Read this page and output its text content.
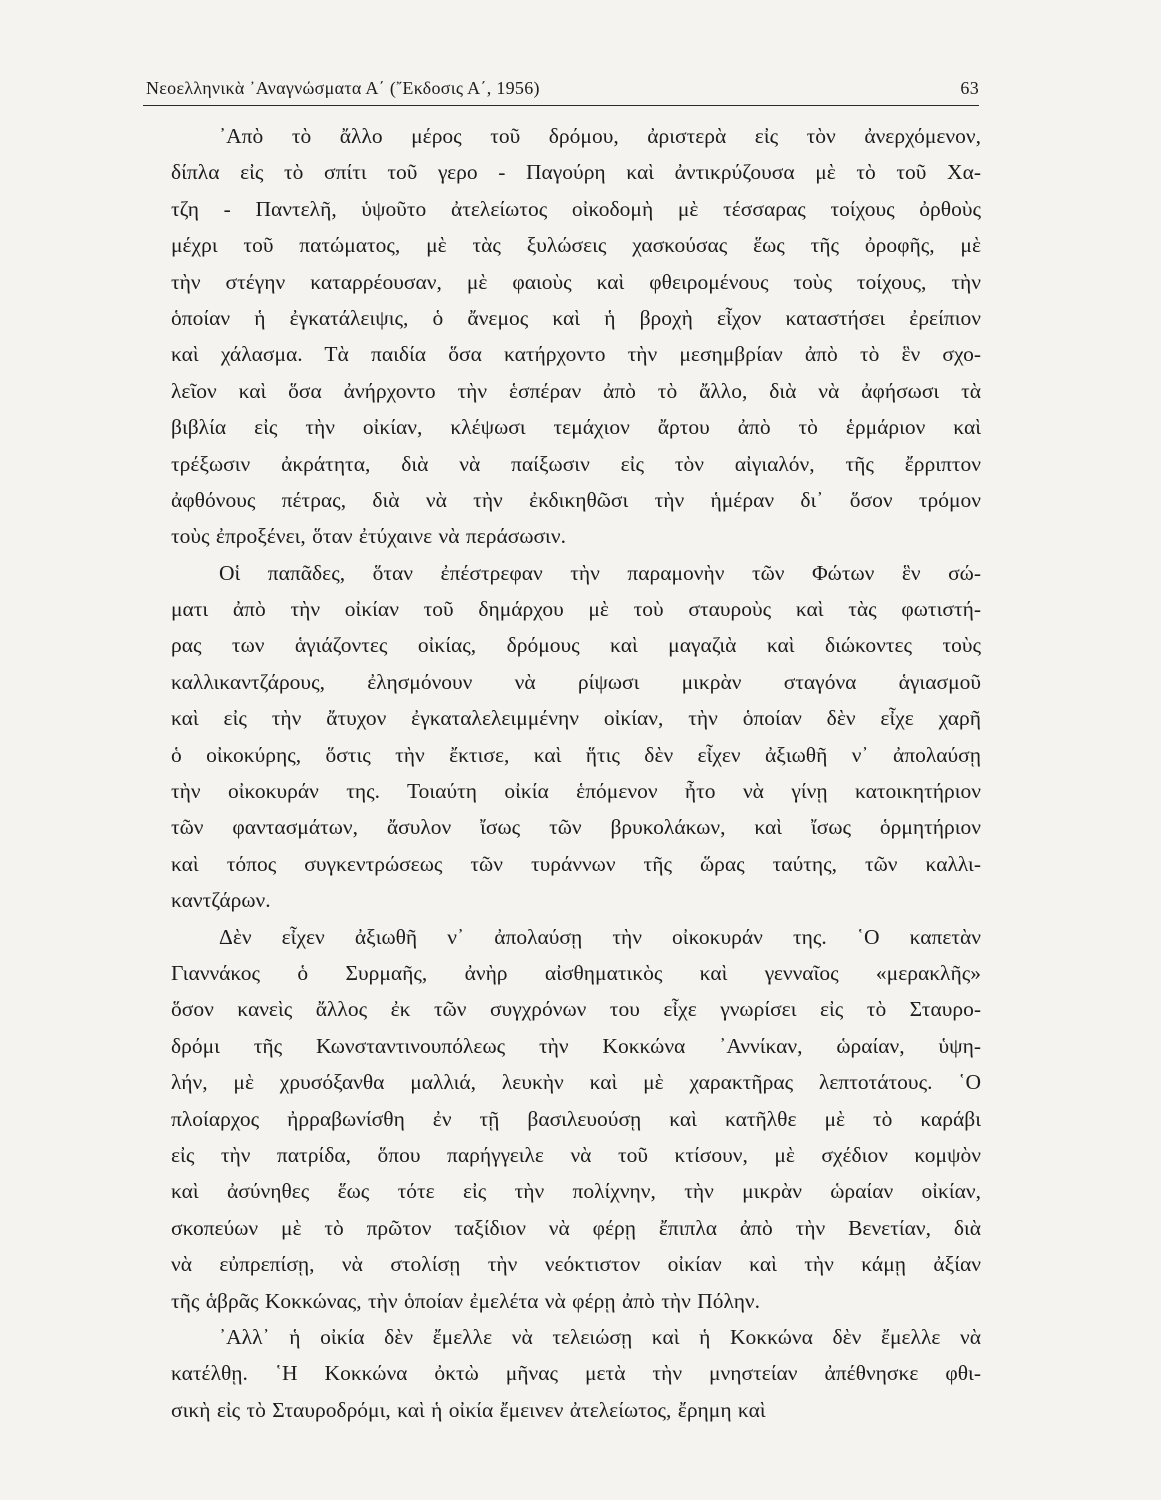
Νεοελληνικὰ ᾿Αναγνώσματα Α΄ (῎Εκδοσις Α΄, 1956)	63
᾿Απὸ τὸ ἄλλο μέρος τοῦ δρόμου, ἀριστερὰ εἰς τὸν ἀνερχόμενον,
δίπλα εἰς τὸ σπίτι τοῦ γερο - Παγούρη καὶ ἀντικρύζουσα μὲ τὸ τοῦ Χα-
τζη - Παντελῆ, ὑψοῦτο ἀτελείωτος οἰκοδομὴ μὲ τέσσαρας τοίχους ὀρθοὺς
μέχρι τοῦ πατώματος, μὲ τὰς ξυλώσεις χασκούσας ἕως τῆς ὀροφῆς, μὲ
τὴν στέγην καταρρέουσαν, μὲ φαιοὺς καὶ φθειρομένους τοὺς τοίχους, τὴν
ὁποίαν ἡ ἐγκατάλειψις, ὁ ἄνεμος καὶ ἡ βροχὴ εἶχον καταστήσει ἐρείπιον
καὶ χάλασμα. Τὰ παιδία ὅσα κατήρχοντο τὴν μεσημβρίαν ἀπὸ τὸ ἓν σχο-
λεῖον καὶ ὅσα ἀνήρχοντο τὴν ἑσπέραν ἀπὸ τὸ ἄλλο, διὰ νὰ ἀφήσωσι τὰ
βιβλία εἰς τὴν οἰκίαν, κλέψωσι τεμάχιον ἄρτου ἀπὸ τὸ ἑρμάριον καὶ
τρέξωσιν ἀκράτητα, διὰ νὰ παίξωσιν εἰς τὸν αἰγιαλόν, τῆς ἔρριπτον
ἀφθόνους πέτρας, διὰ νὰ τὴν ἐκδικηθῶσι τὴν ἡμέραν δι᾿ ὅσον τρόμον
τοὺς ἐπροξένει, ὅταν ἐτύχαινε νὰ περάσωσιν.
Οἱ παπᾶδες, ὅταν ἐπέστρεφαν τὴν παραμονὴν τῶν Φώτων ἓν σώ-
ματι ἀπὸ τὴν οἰκίαν τοῦ δημάρχου μὲ τοὺ σταυροὺς καὶ τὰς φωτιστή-
ρας των ἁγιάζοντες οἰκίας, δρόμους καὶ μαγαζιὰ καὶ διώκοντες τοὺς
καλλικαντζάρους, ἐλησμόνουν νὰ ρίψωσι μικρὰν σταγόνα ἁγιασμοῦ
καὶ εἰς τὴν ἄτυχον ἐγκαταλελειμμένην οἰκίαν, τὴν ὁποίαν δὲν εἶχε χαρῆ
ὁ οἰκοκύρης, ὅστις τὴν ἔκτισε, καὶ ἥτις δὲν εἶχεν ἀξιωθῆ ν᾿ ἀπολαύσῃ
τὴν οἰκοκυράν της. Τοιαύτη οἰκία ἑπόμενον ἦτο νὰ γίνῃ κατοικητήριον
τῶν φαντασμάτων, ἄσυλον ἴσως τῶν βρυκολάκων, καὶ ἴσως ὁρμητήριον
καὶ τόπος συγκεντρώσεως τῶν τυράννων τῆς ὥρας ταύτης, τῶν καλλι-
καντζάρων.
Δὲν εἶχεν ἀξιωθῆ ν᾿ ἀπολαύσῃ τὴν οἰκοκυράν της. ῾Ο καπετὰν
Γιαννάκος ὁ Συρμαῆς, ἀνὴρ αἰσθηματικὸς καὶ γενναῖος «μερακλῆς»
ὅσον κανεὶς ἄλλος ἐκ τῶν συγχρόνων του εἶχε γνωρίσει εἰς τὸ Σταυρο-
δρόμι τῆς Κωνσταντινουπόλεως τὴν Κοκκώνα ᾿Αννίκαν, ὡραίαν, ὑψη-
λήν, μὲ χρυσόξανθα μαλλιά, λευκὴν καὶ μὲ χαρακτῆρας λεπτοτάτους. ῾Ο
πλοίαρχος ἠρραβωνίσθη ἐν τῇ βασιλευούσῃ καὶ κατῆλθε μὲ τὸ καράβι
εἰς τὴν πατρίδα, ὅπου παρήγγειλε νὰ τοῦ κτίσουν, μὲ σχέδιον κομψὸν
καὶ ἀσύνηθες ἕως τότε εἰς τὴν πολίχνην, τὴν μικρὰν ὡραίαν οἰκίαν,
σκοπεύων μὲ τὸ πρῶτον ταξίδιον νὰ φέρῃ ἔπιπλα ἀπὸ τὴν Βενετίαν, διὰ
νὰ εὐπρεπίσῃ, νὰ στολίσῃ τὴν νεόκτιστον οἰκίαν καὶ τὴν κάμῃ ἀξίαν
τῆς ἁβρᾶς Κοκκώνας, τὴν ὁποίαν ἐμελέτα νὰ φέρῃ ἀπὸ τὴν Πόλην.
᾿Αλλ᾿ ἡ οἰκία δὲν ἔμελλε νὰ τελειώσῃ καὶ ἡ Κοκκώνα δὲν ἔμελλε νὰ
κατέλθῃ. ῾Η Κοκκώνα ὀκτὼ μῆνας μετὰ τὴν μνηστείαν ἀπέθνησκε φθι-
σικὴ εἰς τὸ Σταυροδρόμι, καὶ ἡ οἰκία ἔμεινεν ἀτελείωτος, ἔρημη καὶ
